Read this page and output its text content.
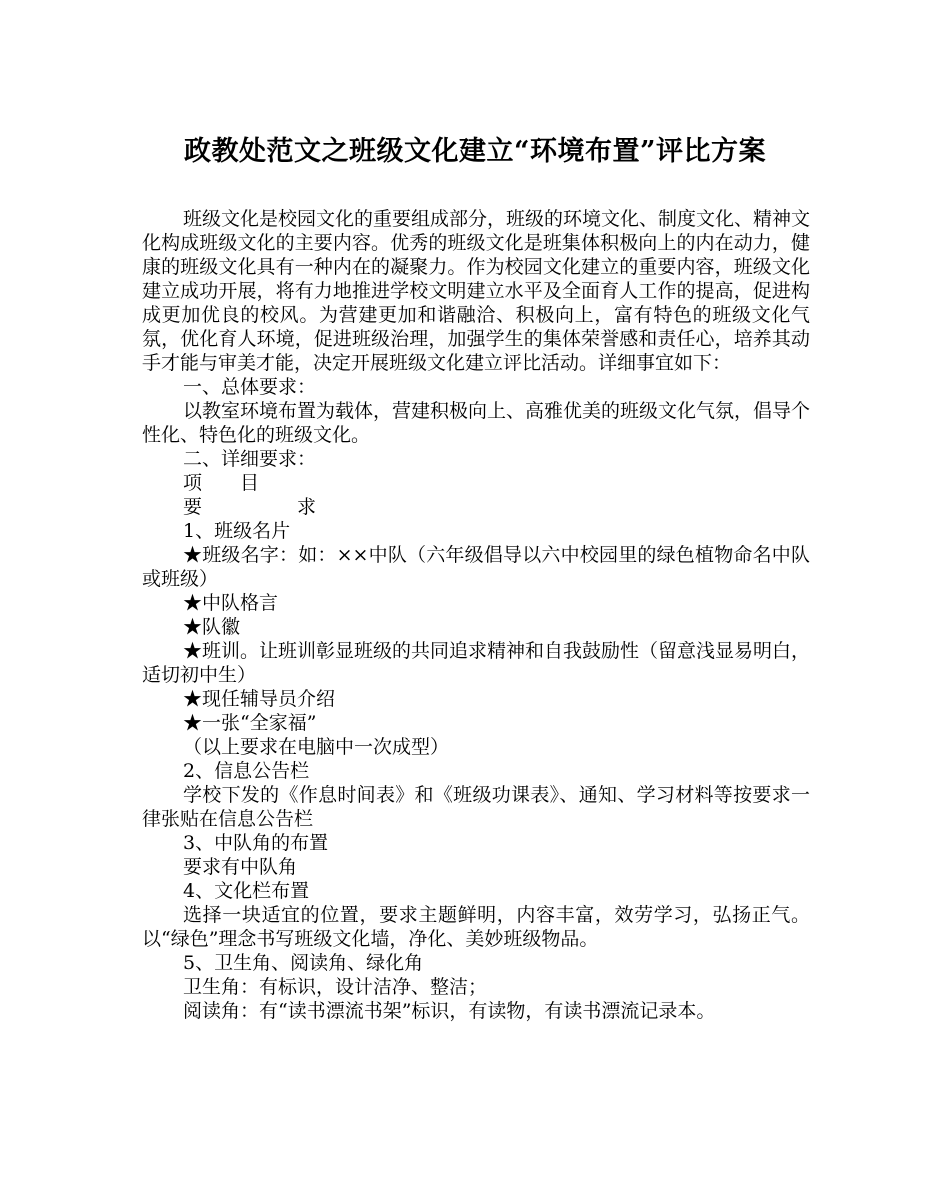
政教处范文之班级文化建立“环境布置”评比方案

班级文化是校园文化的重要组成部分，班级的环境文化、制度文化、精神文化构成班级文化的主要内容。优秀的班级文化是班集体积极向上的内在动力，健康的班级文化具有一种内在的凝聚力。作为校园文化建立的重要内容，班级文化建立成功开展，将有力地推进学校文明建立水平及全面育人工作的提高，促进构成更加优良的校风。为营建更加和谐融洽、积极向上，富有特色的班级文化气氛，优化育人环境，促进班级治理，加强学生的集体荣誉感和责任心，培养其动手才能与审美才能，决定开展班级文化建立评比活动。详细事宜如下：

一、总体要求：

以教室环境布置为载体，营建积极向上、高雅优美的班级文化气氛，倡导个性化、特色化的班级文化。

二、详细要求：

项　　目

要　　　　　求

1、班级名片

★班级名字：如：××中队（六年级倡导以六中校园里的绿色植物命名中队或班级）

★中队格言

★队徽

★班训。让班训彰显班级的共同追求精神和自我鼓励性（留意浅显易明白，适切初中生）

★现任辅导员介绍

★一张“全家福”

（以上要求在电脑中一次成型）

2、信息公告栏

学校下发的《作息时间表》和《班级功课表》、通知、学习材料等按要求一律张贴在信息公告栏

3、中队角的布置

要求有中队角

4、文化栏布置

选择一块适宜的位置，要求主题鲜明，内容丰富，效劳学习，弘扬正气。以“绿色”理念书写班级文化墙，净化、美妙班级物品。

5、卫生角、阅读角、绿化角

卫生角：有标识，设计洁净、整洁；

阅读角：有“读书漂流书架”标识，有读物，有读书漂流记录本。
